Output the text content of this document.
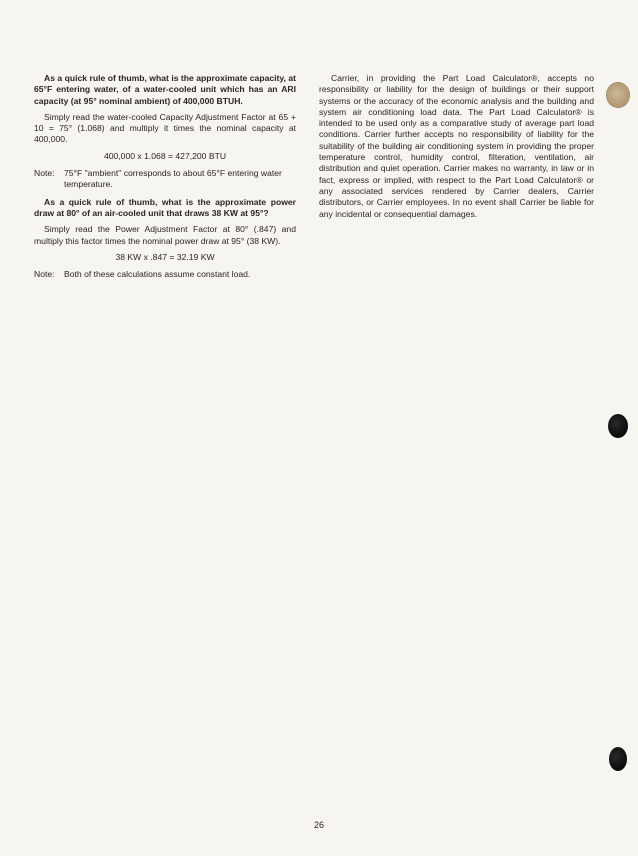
As a quick rule of thumb, what is the approximate capacity, at 65°F entering water, of a water-cooled unit which has an ARI capacity (at 95° nominal ambient) of 400,000 BTUH.

Simply read the water-cooled Capacity Adjustment Factor at 65 + 10 = 75° (1.068) and multiply it times the nominal capacity at 400,000.

400,000 x 1.068 = 427,200 BTU

Note:	75°F "ambient" corresponds to about 65°F entering water temperature.

As a quick rule of thumb, what is the approximate power draw at 80° of an air-cooled unit that draws 38 KW at 95°?

Simply read the Power Adjustment Factor at 80° (.847) and multiply this factor times the nominal power draw at 95° (38 KW).

38 KW x .847 = 32.19 KW

Note:	Both of these calculations assume constant load.

Carrier, in providing the Part Load Calculator®, accepts no responsibility or liability for the design of buildings or their support systems or the accuracy of the economic analysis and the building and system air conditioning load data. The Part Load Calculator® is intended to be used only as a comparative study of average part load conditions. Carrier further accepts no responsibility of liability for the suitability of the building air conditioning system in providing the proper temperature control, humidity control, filteration, ventilation, air distribution and quiet operation. Carrier makes no warranty, in law or in fact, express or implied, with respect to the Part Load Calculator® or any associated services rendered by Carrier dealers, Carrier distributors, or Carrier employees. In no event shall Carrier be liable for any incidental or consequential damages.

26
